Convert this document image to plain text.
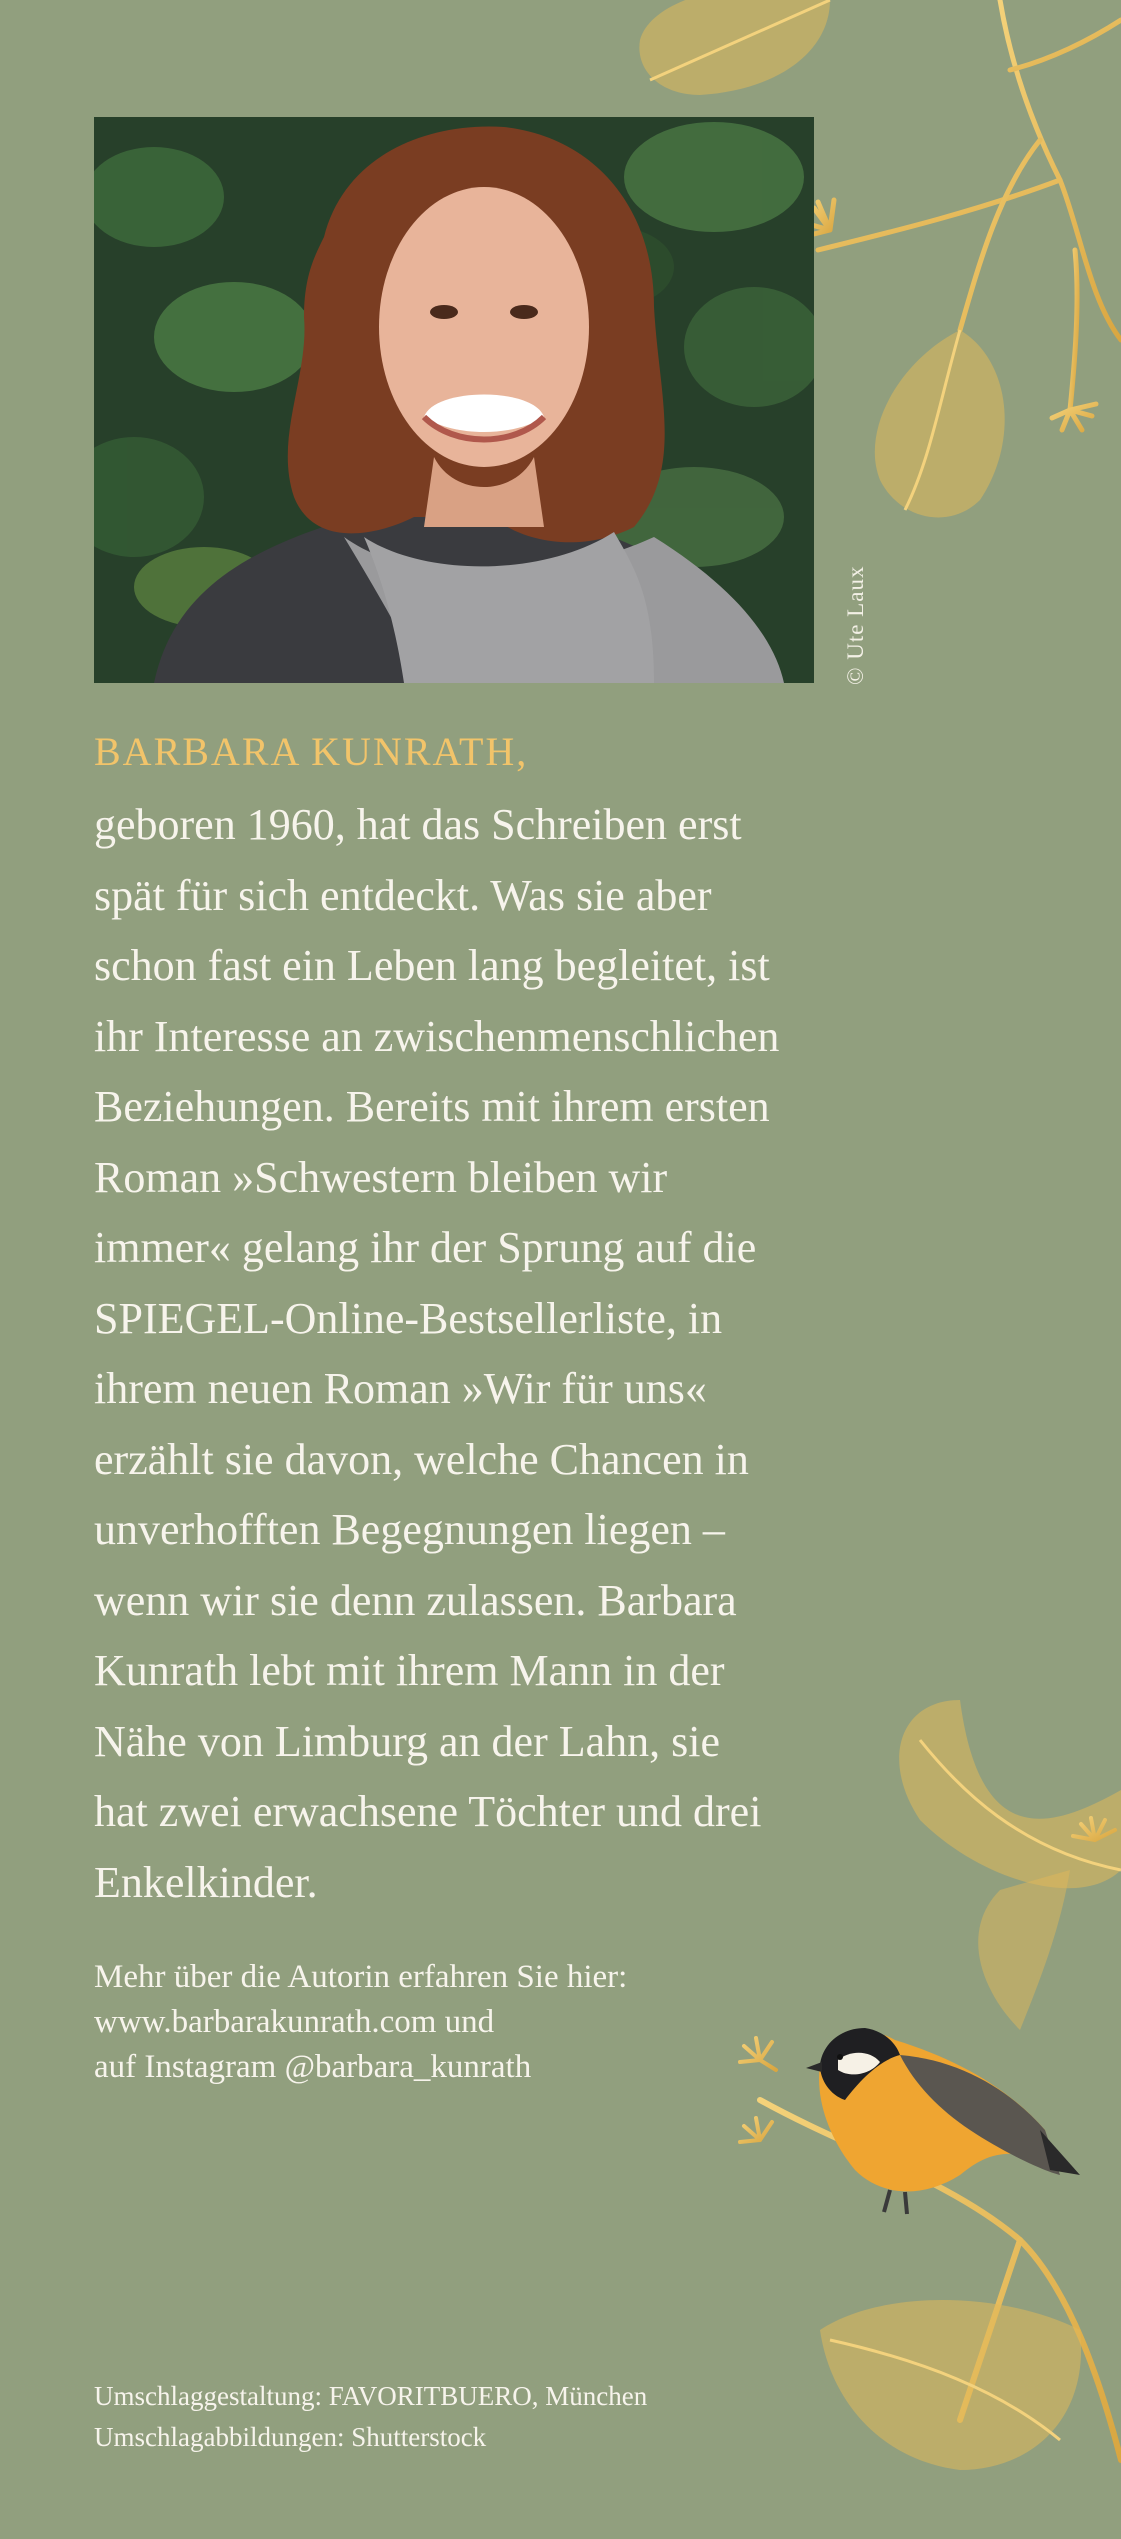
© Ute Laux
BARBARA KUNRATH,
geboren 1960, hat das Schreiben erst
spät für sich entdeckt. Was sie aber
schon fast ein Leben lang begleitet, ist
ihr Interesse an zwischenmenschlichen
Beziehungen. Bereits mit ihrem ersten
Roman »Schwestern bleiben wir
immer« gelang ihr der Sprung auf die
SPIEGEL-Online-Bestsellerliste, in
ihrem neuen Roman »Wir für uns«
erzählt sie davon, welche Chancen in
unverhofften Begegnungen liegen –
wenn wir sie denn zulassen. Barbara
Kunrath lebt mit ihrem Mann in der
Nähe von Limburg an der Lahn, sie
hat zwei erwachsene Töchter und drei
Enkelkinder.
Mehr über die Autorin erfahren Sie hier:
www.barbarakunrath.com und
auf Instagram @barbara_kunrath
Umschlaggestaltung: FAVORITBUERO, München
Umschlagabbildungen: Shutterstock
